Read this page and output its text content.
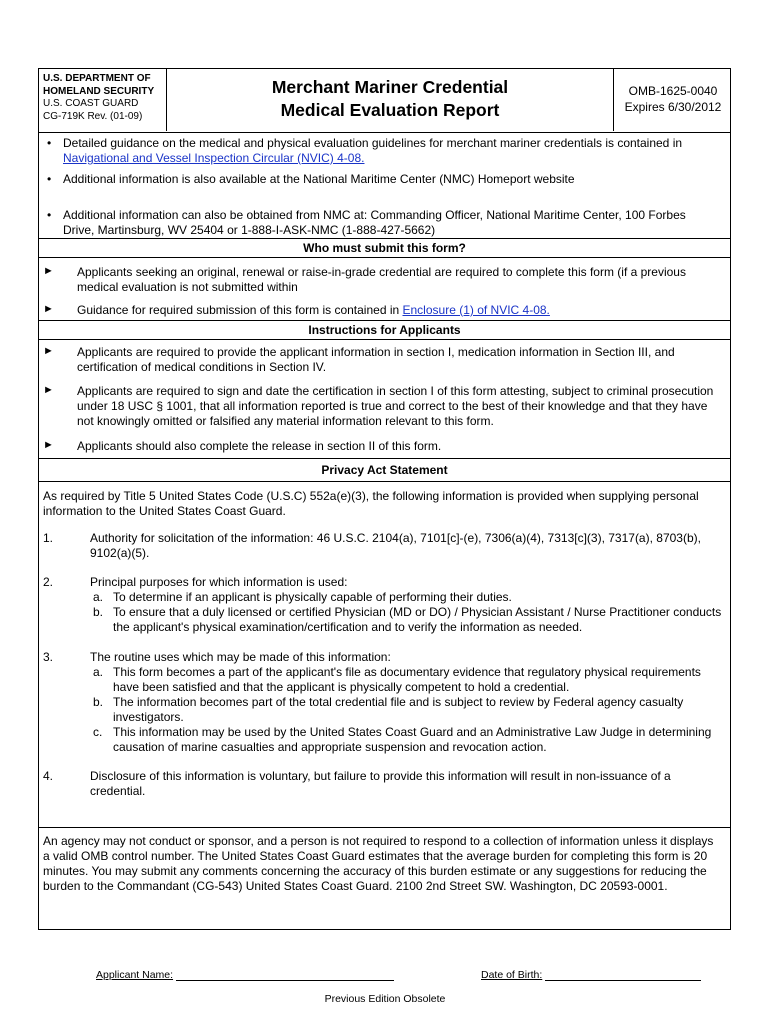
U.S. DEPARTMENT OF
HOMELAND SECURITY
U.S. COAST GUARD
CG-719K Rev. (01-09)
Merchant Mariner Credential
Medical Evaluation Report
OMB-1625-0040
Expires 6/30/2012
• Detailed guidance on the medical and physical evaluation guidelines for merchant mariner credentials is contained in
Navigational and Vessel Inspection Circular (NVIC) 4-08.
• Additional information is also available at the National Maritime Center (NMC) Homeport website
• Additional information can also be obtained from NMC at: Commanding Officer, National Maritime Center, 100 Forbes Drive, Martinsburg, WV 25404 or 1-888-I-ASK-NMC (1-888-427-5662)
Who must submit this form?
► Applicants seeking an original, renewal or raise-in-grade credential are required to complete this form (if a previous medical evaluation is not submitted within
► Guidance for required submission of this form is contained in Enclosure (1) of NVIC 4-08.
Instructions for Applicants
► Applicants are required to provide the applicant information in section I, medication information in Section III, and certification of medical conditions in Section IV.
► Applicants are required to sign and date the certification in section I of this form attesting, subject to criminal prosecution under 18 USC § 1001, that all information reported is true and correct to the best of their knowledge and that they have not knowingly omitted or falsified any material information relevant to this form.
► Applicants should also complete the release in section II of this form.
Privacy Act Statement
As required by Title 5 United States Code (U.S.C) 552a(e)(3), the following information is provided when supplying personal information to the United States Coast Guard.
1.	Authority for solicitation of the information: 46 U.S.C. 2104(a), 7101[c]-(e), 7306(a)(4), 7313[c](3), 7317(a), 8703(b), 9102(a)(5).
2.	Principal purposes for which information is used:
a. To determine if an applicant is physically capable of performing their duties.
b. To ensure that a duly licensed or certified Physician (MD or DO) / Physician Assistant / Nurse Practitioner conducts the applicant's physical examination/certification and to verify the information as needed.
3.	The routine uses which may be made of this information:
a. This form becomes a part of the applicant's file as documentary evidence that regulatory physical requirements have been satisfied and that the applicant is physically competent to hold a credential.
b. The information becomes part of the total credential file and is subject to review by Federal agency casualty investigators.
c. This information may be used by the United States Coast Guard and an Administrative Law Judge in determining causation of marine casualties and appropriate suspension and revocation action.
4.	Disclosure of this information is voluntary, but failure to provide this information will result in non-issuance of a credential.
An agency may not conduct or sponsor, and a person is not required to respond to a collection of information unless it displays a valid OMB control number. The United States Coast Guard estimates that the average burden for completing this form is 20 minutes. You may submit any comments concerning the accuracy of this burden estimate or any suggestions for reducing the burden to the Commandant (CG-543) United States Coast Guard. 2100 2nd Street SW. Washington, DC 20593-0001.
Applicant Name:	Date of Birth:
Previous Edition Obsolete
